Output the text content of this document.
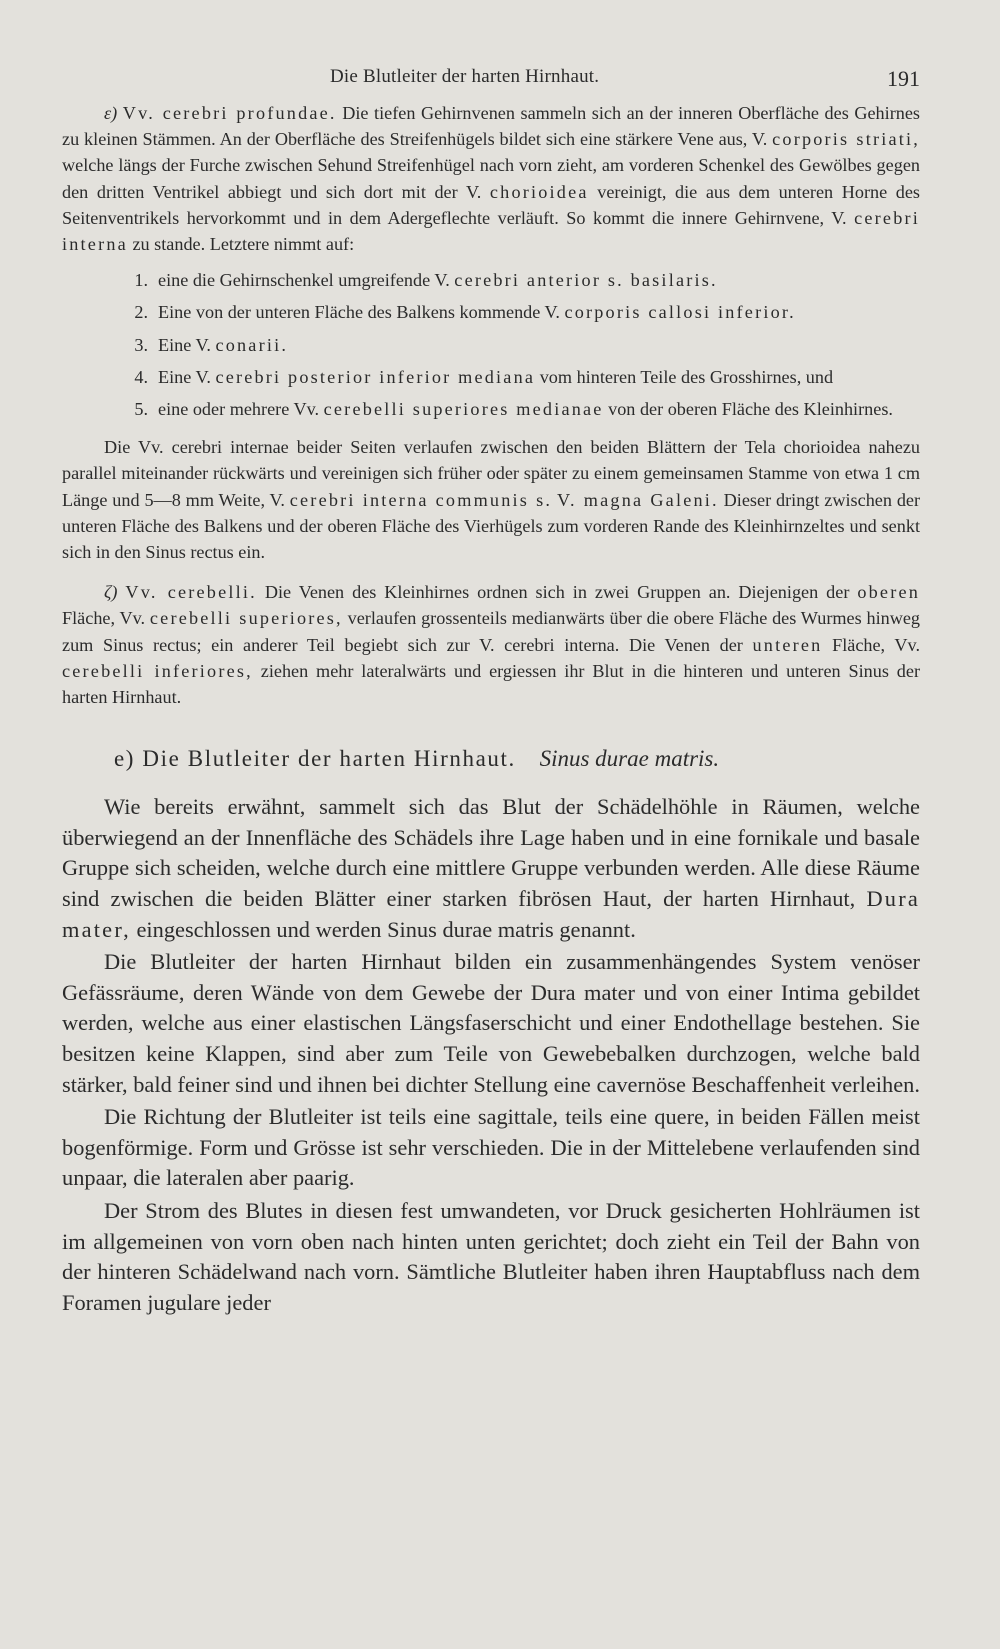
Die Blutleiter der harten Hirnhaut.	191

ε) Vv. cerebri profundae. Die tiefen Gehirnvenen sammeln sich an der inneren Oberfläche des Gehirnes zu kleinen Stämmen. An der Oberfläche des Streifenhügels bildet sich eine stärkere Vene aus, V. corporis striati, welche längs der Furche zwischen Sehund Streifenhügel nach vorn zieht, am vorderen Schenkel des Gewölbes gegen den dritten Ventrikel abbiegt und sich dort mit der V. chorioidea vereinigt, die aus dem unteren Horne des Seitenventrikels hervorkommt und in dem Adergeflechte verläuft. So kommt die innere Gehirnvene, V. cerebri interna zu stande. Letztere nimmt auf:

1. eine die Gehirnschenkel umgreifende V. cerebri anterior s. basilaris.
2. Eine von der unteren Fläche des Balkens kommende V. corporis callosi inferior.
3. Eine V. conarii.
4. Eine V. cerebri posterior inferior mediana vom hinteren Teile des Grosshirnes, und
5. eine oder mehrere Vv. cerebelli superiores medianae von der oberen Fläche des Kleinhirnes.

Die Vv. cerebri internae beider Seiten verlaufen zwischen den beiden Blättern der Tela chorioidea nahezu parallel miteinander rückwärts und vereinigen sich früher oder später zu einem gemeinsamen Stamme von etwa 1 cm Länge und 5—8 mm Weite, V. cerebri interna communis s. V. magna Galeni. Dieser dringt zwischen der unteren Fläche des Balkens und der oberen Fläche des Vierhügels zum vorderen Rande des Kleinhirnzeltes und senkt sich in den Sinus rectus ein.

ζ) Vv. cerebelli. Die Venen des Kleinhirnes ordnen sich in zwei Gruppen an. Diejenigen der oberen Fläche, Vv. cerebelli superiores, verlaufen grossenteils medianwärts über die obere Fläche des Wurmes hinweg zum Sinus rectus; ein anderer Teil begiebt sich zur V. cerebri interna. Die Venen der unteren Fläche, Vv. cerebelli inferiores, ziehen mehr lateralwärts und ergiessen ihr Blut in die hinteren und unteren Sinus der harten Hirnhaut.

e) Die Blutleiter der harten Hirnhaut. Sinus durae matris.

Wie bereits erwähnt, sammelt sich das Blut der Schädelhöhle in Räumen, welche überwiegend an der Innenfläche des Schädels ihre Lage haben und in eine fornikale und basale Gruppe sich scheiden, welche durch eine mittlere Gruppe verbunden werden. Alle diese Räume sind zwischen die beiden Blätter einer starken fibrösen Haut, der harten Hirnhaut, Dura mater, eingeschlossen und werden Sinus durae matris genannt.

Die Blutleiter der harten Hirnhaut bilden ein zusammenhängendes System venöser Gefässräume, deren Wände von dem Gewebe der Dura mater und von einer Intima gebildet werden, welche aus einer elastischen Längsfaserschicht und einer Endothellage bestehen. Sie besitzen keine Klappen, sind aber zum Teile von Gewebebalken durchzogen, welche bald stärker, bald feiner sind und ihnen bei dichter Stellung eine cavernöse Beschaffenheit verleihen.

Die Richtung der Blutleiter ist teils eine sagittale, teils eine quere, in beiden Fällen meist bogenförmige. Form und Grösse ist sehr verschieden. Die in der Mittelebene verlaufenden sind unpaar, die lateralen aber paarig.

Der Strom des Blutes in diesen fest umwandeten, vor Druck gesicherten Hohlräumen ist im allgemeinen von vorn oben nach hinten unten gerichtet; doch zieht ein Teil der Bahn von der hinteren Schädelwand nach vorn. Sämtliche Blutleiter haben ihren Hauptabfluss nach dem Foramen jugulare jeder
